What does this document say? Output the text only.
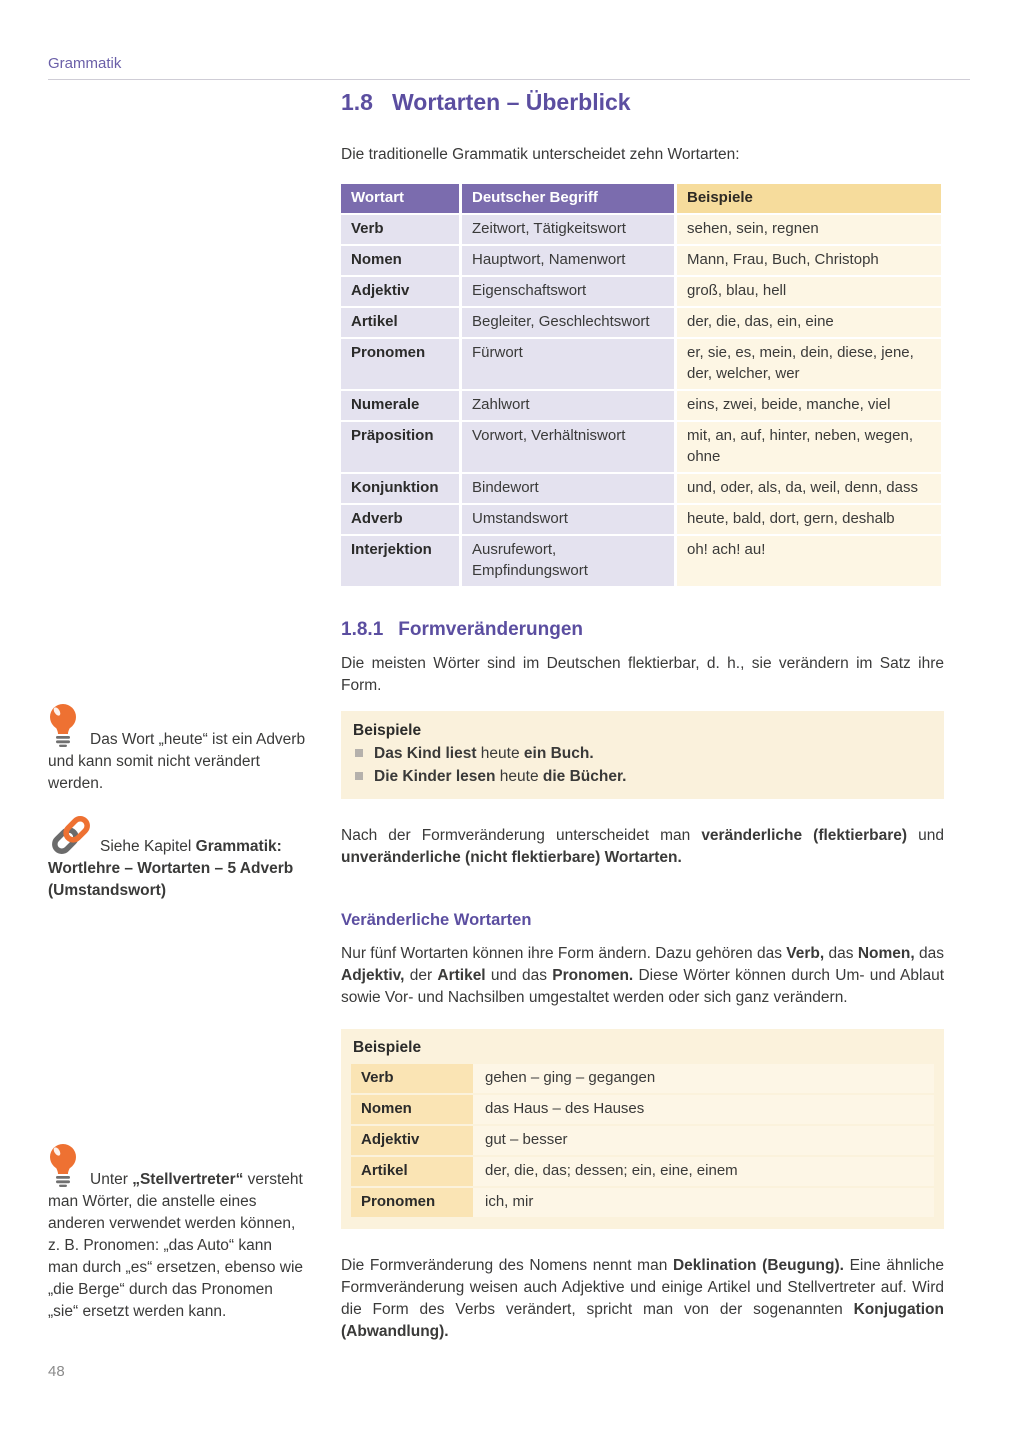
Grammatik
1.8 Wortarten – Überblick

Die traditionelle Grammatik unterscheidet zehn Wortarten:

Wortart	Deutscher Begriff	Beispiele
Verb	Zeitwort, Tätigkeitswort	sehen, sein, regnen
Nomen	Hauptwort, Namenwort	Mann, Frau, Buch, Christoph
Adjektiv	Eigenschaftswort	groß, blau, hell
Artikel	Begleiter, Geschlechtswort	der, die, das, ein, eine
Pronomen	Fürwort	er, sie, es, mein, dein, diese, jene, der, welcher, wer
Numerale	Zahlwort	eins, zwei, beide, manche, viel
Präposition	Vorwort, Verhältniswort	mit, an, auf, hinter, neben, wegen, ohne
Konjunktion	Bindewort	und, oder, als, da, weil, denn, dass
Adverb	Umstandswort	heute, bald, dort, gern, deshalb
Interjektion	Ausrufewort, Empfindungswort	oh! ach! au!
1.8.1 Formveränderungen

Die meisten Wörter sind im Deutschen flektierbar, d. h., sie verändern im Satz ihre Form.

Beispiele
Das Kind liest heute ein Buch.
Die Kinder lesen heute die Bücher.

Nach der Formveränderung unterscheidet man veränderliche (flektierbare) und unveränderliche (nicht flektierbare) Wortarten.

Veränderliche Wortarten

Nur fünf Wortarten können ihre Form ändern. Dazu gehören das Verb, das Nomen, das Adjektiv, der Artikel und das Pronomen. Diese Wörter können durch Um- und Ablaut sowie Vor- und Nachsilben umgestaltet werden oder sich ganz verändern.

Beispiele
Verb	gehen – ging – gegangen
Nomen	das Haus – des Hauses
Adjektiv	gut – besser
Artikel	der, die, das; dessen; ein, eine, einem
Pronomen	ich, mir

Die Formveränderung des Nomens nennt man Deklination (Beugung). Eine ähnliche Formveränderung weisen auch Adjektive und einige Artikel und Stellvertreter auf. Wird die Form des Verbs verändert, spricht man von der sogenannten Konjugation (Abwandlung).

Das Wort „heute“ ist ein Adverb und kann somit nicht verändert werden.
Siehe Kapitel Grammatik: Wortlehre – Wortarten – 5 Adverb (Umstandswort)
Unter „Stellvertreter“ versteht man Wörter, die anstelle eines anderen verwendet werden können, z. B. Pronomen: „das Auto“ kann man durch „es“ ersetzen, ebenso wie „die Berge“ durch das Pronomen „sie“ ersetzt werden kann.
48
